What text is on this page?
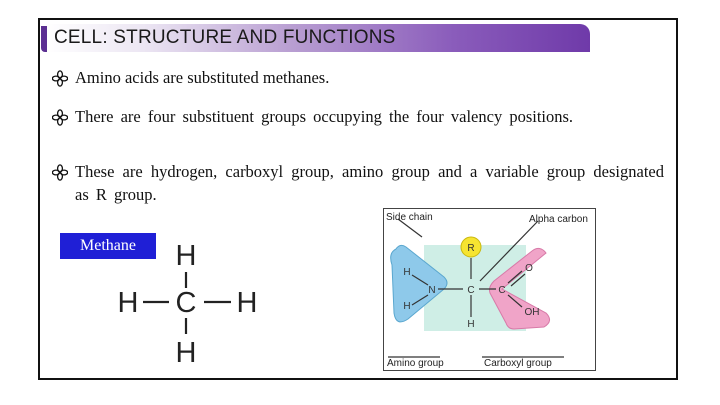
CELL: STRUCTURE AND FUNCTIONS
Amino acids are substituted methanes.
There are four substituent groups occupying the four valency positions.
These are hydrogen, carboxyl group, amino group and a variable group designated as R group.
Methane	H
H C H
H
R
N	C C
H
H
H
O
OH
Side chain	Alpha carbon
Amino group	Carboxyl group
